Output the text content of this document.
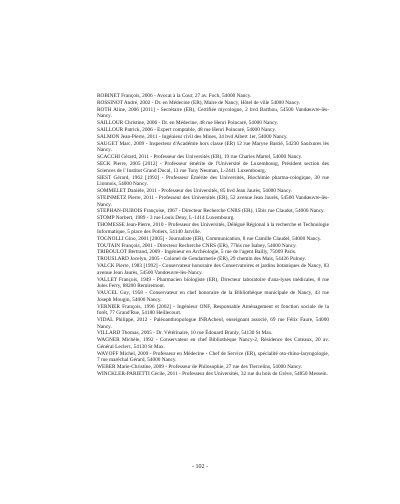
ROBINET François, 2006 - Avocat à la Cour, 27 av. Foch, 54000 Nancy.

ROSSINOT André, 2002 - Dr. en Médecine (ER), Maire de Nancy, Hôtel de ville 54000 Nancy.

ROTH Aline, 2006 [2011] - Secrétaire (ER), Certifiée mycologue, 2 bvd Barthou, 54500 Vandœuvre-lès-Nancy.

SAILLOUR Christine, 2006 - Dr. en Médecine, 48 rue Henri Poincaré, 54000 Nancy.

SAILLOUR Patrick, 2006 - Expert comptable, 48 rue Henri Poincaré, 54000 Nancy.

SALMON Jean-Pierre, 2011 - Ingénieur civil des Mines, 34 bvd Albert 1er, 54000 Nancy.

SAUGET Marc, 2009 - Inspecteur d'Académie hors classe (ER) 12 rue Maryse Bastié, 54230 Saulxures lès Nancy.

SCACCHI Gérard, 2011 - Professeur des Universités (ER), 19 rue Charles Martel, 54000 Nancy.

SECK Pierre, 2005 [2012] - Professeur émérite de l'Université de Luxembourg, Président section des Sciences de l' Institut Grand Ducal, 13 rue Tony Neuman, L-2441 Luxembourg.

SIEST Gérard, 1962 [1992] - Professeur Émérite des Universités, Biochimie pharma-cologique, 30 rue Lionnois, 54000 Nancy.

SOMMELET Danièle, 2011 - Professeur des Universités, 85 bvd Jean Jaurès, 54000 Nancy.

STEINMETZ Pierre, 2011 - Professeur des Universités (ER), 52 avenue Jean Jaurès, 54500 Vandœuvre-lès-Nancy.

STEPHAN-DUBOIS Françoise, 1967 - Directeur Recherche CNRS (ER), 15bis rue Claudot, 54000 Nancy.

STOMP Norbert, 1989 - 3 rue Louis Deny, L-1414 Luxembourg.

THOMESSE Jean-Pierre, 2010 - Professeur des Universités, Délégué Régional à la recherche et Technologie Informatique, 5 place des Potiers, 54140 Jarville.

TOGNOLLI Gino, 2001 [2005] - Journaliste (ER), Communication, 8 rue Camille Claudel, 54000 Nancy.

TOUTAIN François, 2001 - Directeur Recherche CNRS (ER), 77bis rue Isabey, 54000 Nancy.

TRIBOULOT Bertrand, 2009 - Ingénieur en Archéologie, 5 rue de l'agent Bailly, 75009 Paris.

TROUSLARD Jocelyn, 2005 - Colonel de Gendarmerie (ER), 29 chemin des Mais, 54426 Pulnoy.

VALCK Pierre, 1983 [1992] - Conservateur honoraire des Conservatoires et jardins botaniques de Nancy, 83 avenue Jean Jaurès, 54500 Vandœuvre-lès-Nancy.

VALLET François, 1949 - Pharmacien biologiste (ER), Directeur laboratoire d'ana-lyses médicales, 8 rue Jules Ferry, 88200 Remiremont.

VAUCEL Guy, 1958 - Conservateur en chef honoraire de la Bibliothèque municipale de Nancy, 43 rue Joseph Mougin, 54000 Nancy.

VERNIER François, 1996 [2002] - Ingénieur ONF, Responsable Aménagement et fonction sociale de la forêt, 77 Grand'Rue, 54180 Heillecourt.

VIDAL Philippe, 2012 - Paléoanthropologue INRAcheol, enseignant associé, 69 rue Félix Faure, 54000 Nancy.

VILLARD Thomas, 2005 - Dr. Vétérinaire, 10 rue Édouard Branly, 54130 St Max.

WAGNER Michèle, 1992 - Conservateur en chef Bibliothèque Nancy-2, Résidence des Coteaux, 20 av. Général Leclerc, 54130 St Max.

WAYOFF Michel, 2009 - Professeur en Médecine - Chef de Service (ER), spécialité oto-rhino-laryngologie, 7 rue maréchal Gérard, 54000 Nancy.

WEBER Marie-Christine, 2009 - Professeur de Philosophie, 27 rue des Tiercelins, 54000 Nancy.

WINCKLER-PARIETTI Cécile, 2011 - Professeur des Universités, 32 rue du bois de Grève, 54850 Messein.

- 102 -
